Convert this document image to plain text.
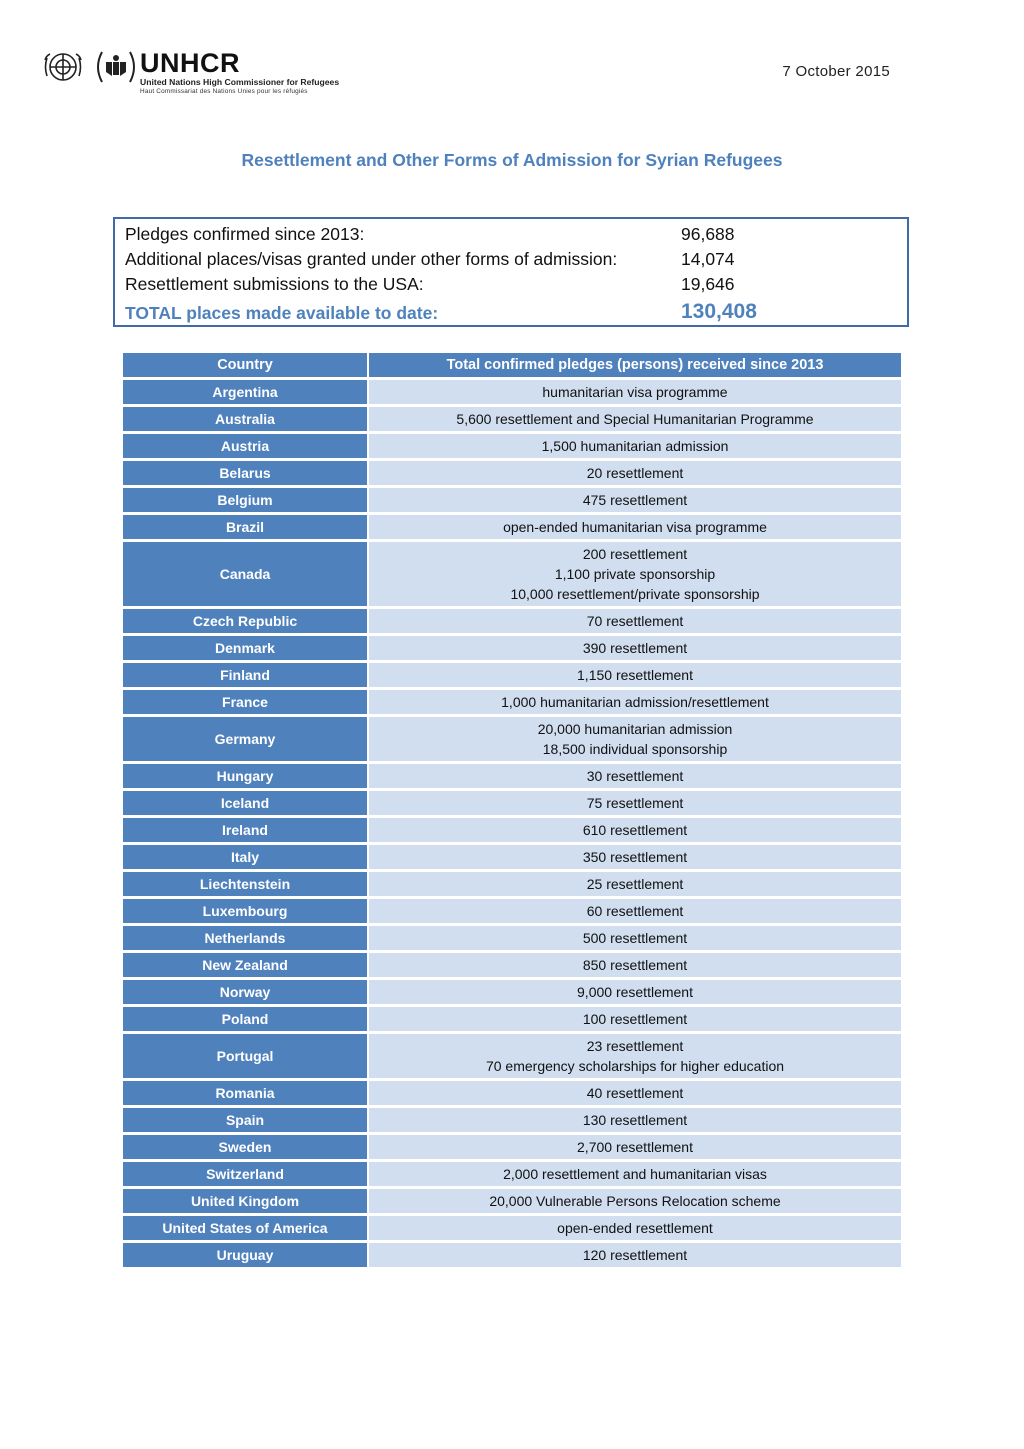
UNHCR
United Nations High Commissioner for Refugees
Haut Commissariat des Nations Unies pour les réfugiés
7 October 2015
Resettlement and Other Forms of Admission for Syrian Refugees
Pledges confirmed since 2013:	96,688
Additional places/visas granted under other forms of admission:	14,074
Resettlement submissions to the USA:	19,646
TOTAL places made available to date:	130,408
Country	Total confirmed pledges (persons) received since 2013
Argentina	humanitarian visa programme

Australia	5,600 resettlement and Special Humanitarian Programme

Austria	1,500 humanitarian admission

Belarus	20 resettlement

Belgium	475 resettlement

Brazil	open-ended humanitarian visa programme

Canada	200 resettlement
1,100 private sponsorship
10,000 resettlement/private sponsorship

Czech Republic	70 resettlement

Denmark	390 resettlement

Finland	1,150 resettlement

France	1,000 humanitarian admission/resettlement

Germany	20,000 humanitarian admission
18,500 individual sponsorship

Hungary	30 resettlement

Iceland	75 resettlement

Ireland	610 resettlement

Italy	350 resettlement

Liechtenstein	25 resettlement

Luxembourg	60 resettlement

Netherlands	500 resettlement

New Zealand	850 resettlement

Norway	9,000 resettlement

Poland	100 resettlement

Portugal	23 resettlement
70 emergency scholarships for higher education

Romania	40 resettlement

Spain	130 resettlement

Sweden	2,700 resettlement

Switzerland	2,000 resettlement and humanitarian visas

United Kingdom	20,000 Vulnerable Persons Relocation scheme

United States of America	open-ended resettlement

Uruguay	120 resettlement
